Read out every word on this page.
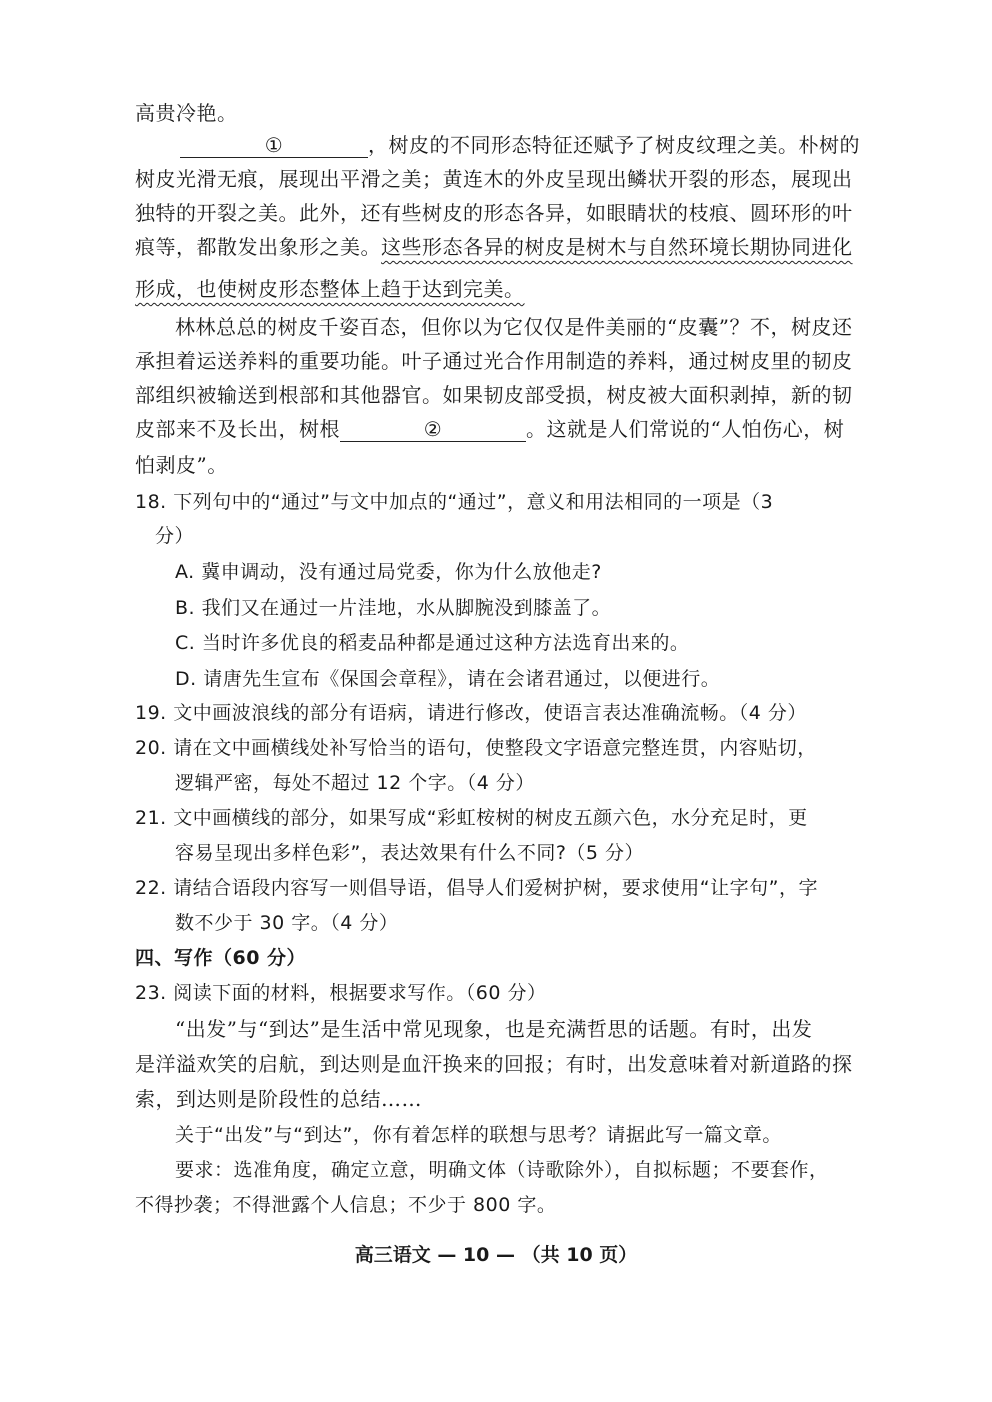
高贵冷艳。
①	，树皮的不同形态特征还赋予了树皮纹理之美。朴树的
树皮光滑无痕，展现出平滑之美；黄连木的外皮呈现出鳞状开裂的形态，展现出
独特的开裂之美。此外，还有些树皮的形态各异，如眼睛状的枝痕、圆环形的叶
痕等，都散发出象形之美。这些形态各异的树皮是树木与自然环境长期协同进化
形成，也使树皮形态整体上趋于达到完美。
林林总总的树皮千姿百态，但你以为它仅仅是件美丽的“皮囊”？不，树皮还
承担着运送养料的重要功能。叶子通过光合作用制造的养料，通过树皮里的韧皮
部组织被输送到根部和其他器官。如果韧皮部受损，树皮被大面积剥掉，新的韧
皮部来不及长出，树根	②	。这就是人们常说的“人怕伤心，树
怕剥皮”。
18. 下列句中的“通过”与文中加点的“通过”，意义和用法相同的一项是（3
分）
A. 冀申调动，没有通过局党委，你为什么放他走?
B. 我们又在通过一片洼地，水从脚腕没到膝盖了。
C. 当时许多优良的稻麦品种都是通过这种方法选育出来的。
D. 请唐先生宣布《保国会章程》，请在会诸君通过，以便进行。
19. 文中画波浪线的部分有语病，请进行修改，使语言表达准确流畅。（4 分）
20. 请在文中画横线处补写恰当的语句，使整段文字语意完整连贯，内容贴切，
逻辑严密，每处不超过 12 个字。（4 分）
21. 文中画横线的部分，如果写成“彩虹桉树的树皮五颜六色，水分充足时，更
容易呈现出多样色彩”，表达效果有什么不同?（5 分）
22. 请结合语段内容写一则倡导语，倡导人们爱树护树，要求使用“让字句”，字
数不少于 30 字。（4 分）
四、写作（60 分）
23. 阅读下面的材料，根据要求写作。（60 分）
“出发”与“到达”是生活中常见现象，也是充满哲思的话题。有时，出发
是洋溢欢笑的启航，到达则是血汗换来的回报；有时，出发意味着对新道路的探
索，到达则是阶段性的总结……
关于“出发”与“到达”，你有着怎样的联想与思考？请据此写一篇文章。
要求：选准角度，确定立意，明确文体（诗歌除外），自拟标题；不要套作，
不得抄袭；不得泄露个人信息；不少于 800 字。
高三语文 — 10 — （共 10 页）
